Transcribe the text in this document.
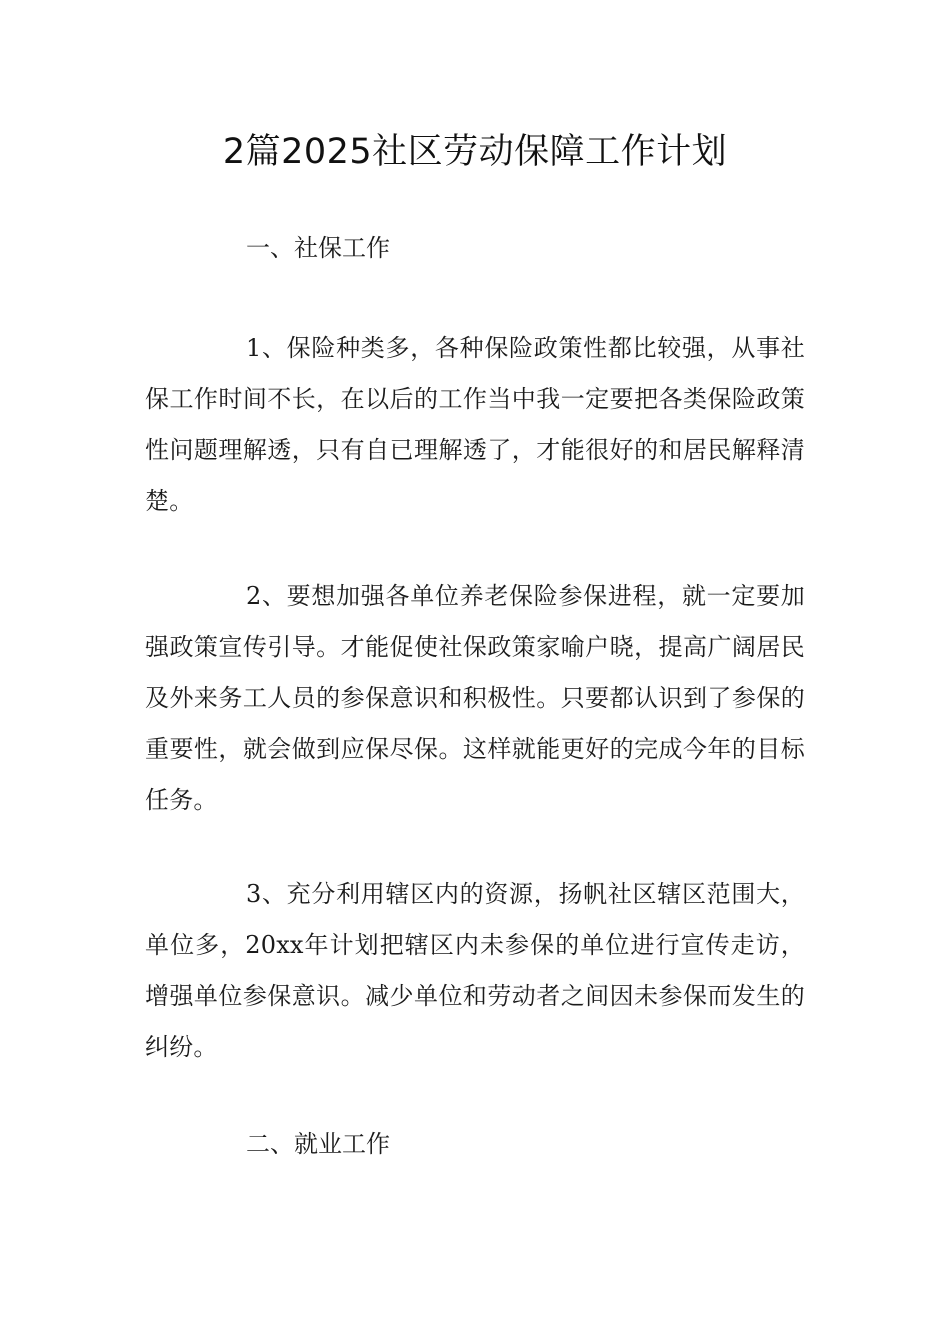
2篇2025社区劳动保障工作计划

一、社保工作

1、保险种类多，各种保险政策性都比较强，从事社保工作时间不长，在以后的工作当中我一定要把各类保险政策性问题理解透，只有自已理解透了，才能很好的和居民解释清楚。

2、要想加强各单位养老保险参保进程，就一定要加强政策宣传引导。才能促使社保政策家喻户晓，提高广阔居民及外来务工人员的参保意识和积极性。只要都认识到了参保的重要性，就会做到应保尽保。这样就能更好的完成今年的目标任务。

3、充分利用辖区内的资源，扬帆社区辖区范围大，单位多，20xx年计划把辖区内未参保的单位进行宣传走访，增强单位参保意识。减少单位和劳动者之间因未参保而发生的纠纷。

二、就业工作
